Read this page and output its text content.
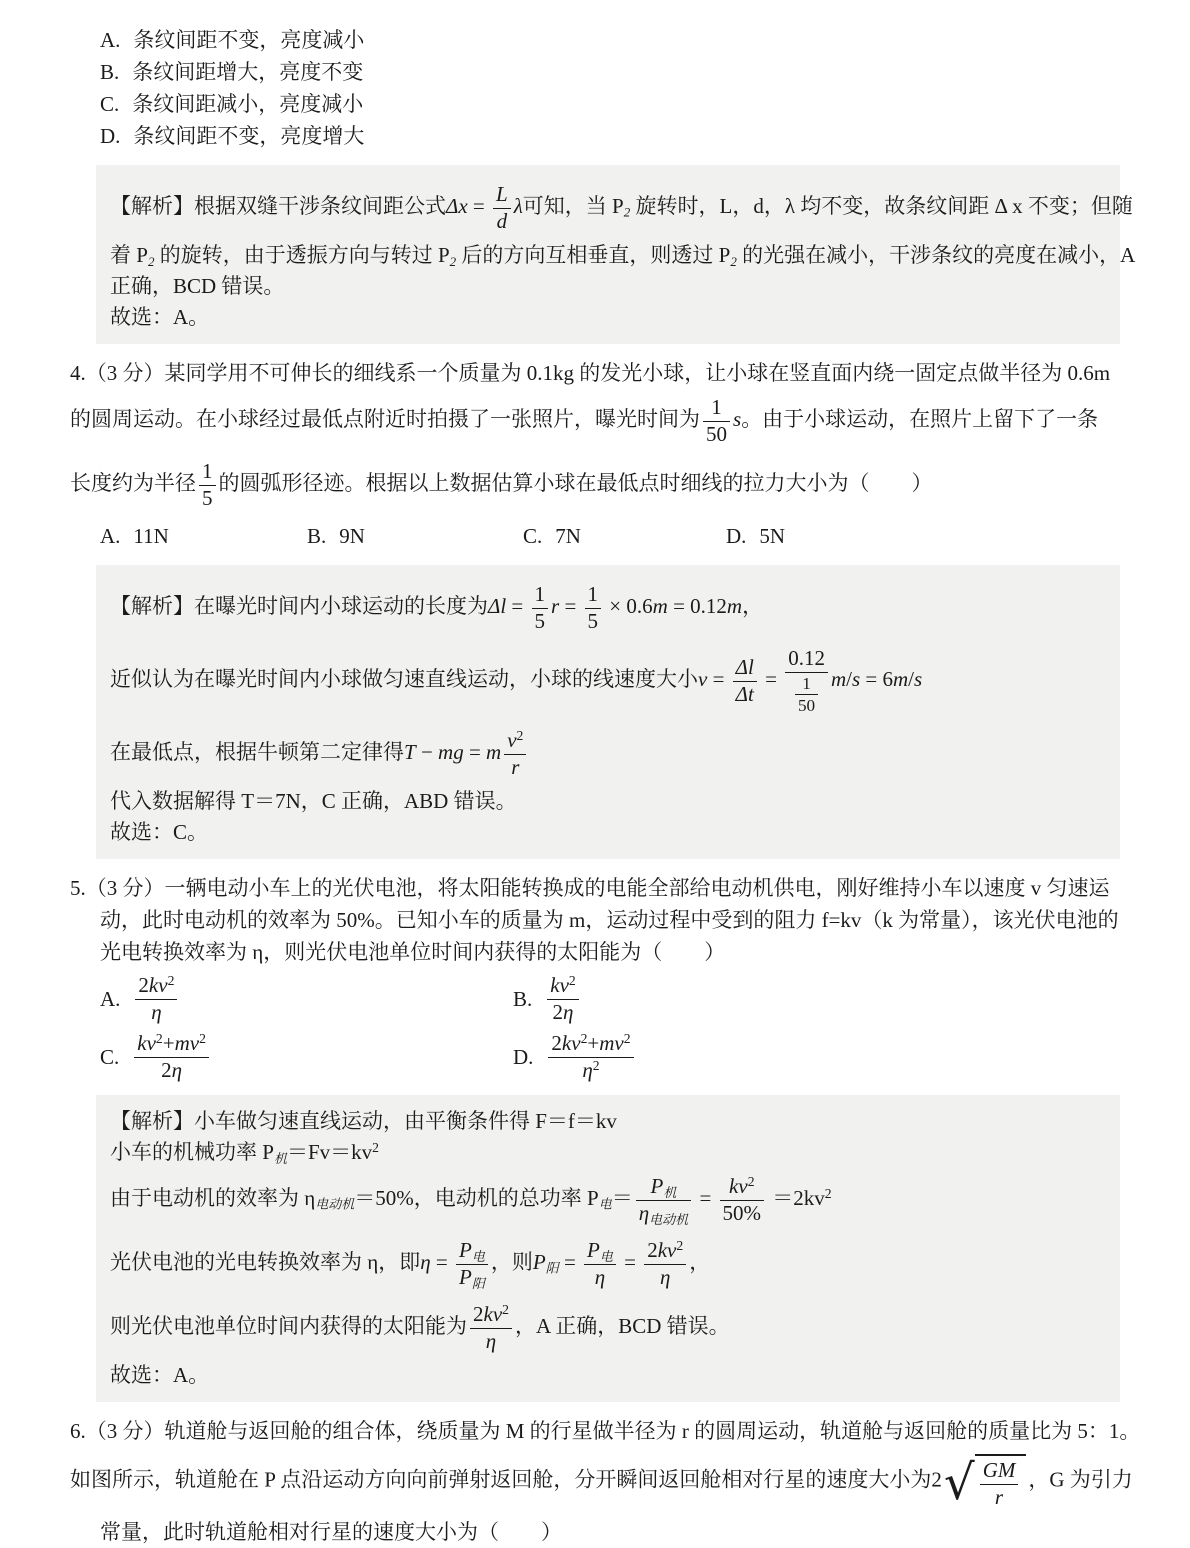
A. 条纹间距不变，亮度减小
B. 条纹间距增大，亮度不变
C. 条纹间距减小，亮度减小
D. 条纹间距不变，亮度增大
【解析】根据双缝干涉条纹间距公式$\Delta x = \frac{L}{d}$ λ可知，当 $P_2$ 旋转时，L，d，λ 均不变，故条纹间距 Δ x 不变；但随
着 $P_2$ 的旋转，由于透振方向与转过 $P_2$ 后的方向互相垂直，则透过 $P_2$ 的光强在减小，干涉条纹的亮度在减小，A
正确，BCD 错误。
故选：A。
4.（3 分）某同学用不可伸长的细线系一个质量为 0.1kg 的发光小球，让小球在竖直面内绕一固定点做半径为 0.6m
的圆周运动。在小球经过最低点附近时拍摄了一张照片，曝光时间为 $\frac{1}{50}$ s。由于小球运动，在照片上留下了一条
长度约为半径 $\frac{1}{5}$ 的圆弧形径迹。根据以上数据估算小球在最低点时细线的拉力大小为（　　）
A. 11N	B. 9N	C. 7N	D. 5N
【解析】在曝光时间内小球运动的长度为$\Delta l = \frac{1}{5}$ $r = \frac{1}{5} \times 0.6m = 0.12m$，
近似认为在曝光时间内小球做匀速直线运动，小球的线速度大小$v = \frac{\Delta l}{\Delta t} = \frac{0.12}{\frac{1}{50}} m/s = 6m/s$
在最低点，根据牛顿第二定律得T − mg = m $\frac{v^2}{r}$
代入数据解得 T＝7N，C 正确，ABD 错误。
故选：C。
5.（3 分）一辆电动小车上的光伏电池，将太阳能转换成的电能全部给电动机供电，刚好维持小车以速度 v 匀速运
动，此时电动机的效率为 50%。已知小车的质量为 m，运动过程中受到的阻力 f=kv（k 为常量），该光伏电池的
光电转换效率为 η，则光伏电池单位时间内获得的太阳能为（　　）
A. $\frac{2kv^2}{\eta}$	B. $\frac{kv^2}{2\eta}$
C. $\frac{kv^2+mv^2}{2\eta}$	D. $\frac{2kv^2+mv^2}{\eta^2}$
【解析】小车做匀速直线运动，由平衡条件得 F＝f＝kv
小车的机械功率 $P_机=Fv=kv^2$
由于电动机的效率为 $\eta_{电动机}=50\%$，电动机的总功率 $P_电= \frac{P_机}{\eta_{电动机}} = \frac{kv^2}{50\%} =2kv^2$
光伏电池的光电转换效率为 η，即$\eta = \frac{P_电}{P_阳}$ ，则$P_阳 = \frac{P_电}{\eta} = \frac{2kv^2}{\eta}$ ，
则光伏电池单位时间内获得的太阳能为 $\frac{2kv^2}{\eta}$ ，A 正确，BCD 错误。
故选：A。
6.（3 分）轨道舱与返回舱的组合体，绕质量为 M 的行星做半径为 r 的圆周运动，轨道舱与返回舱的质量比为 5：1。
如图所示，轨道舱在 P 点沿运动方向向前弹射返回舱，分开瞬间返回舱相对行星的速度大小为2 √ $\frac{GM}{r}$ ，G 为引力
常量，此时轨道舱相对行星的速度大小为（　　）
